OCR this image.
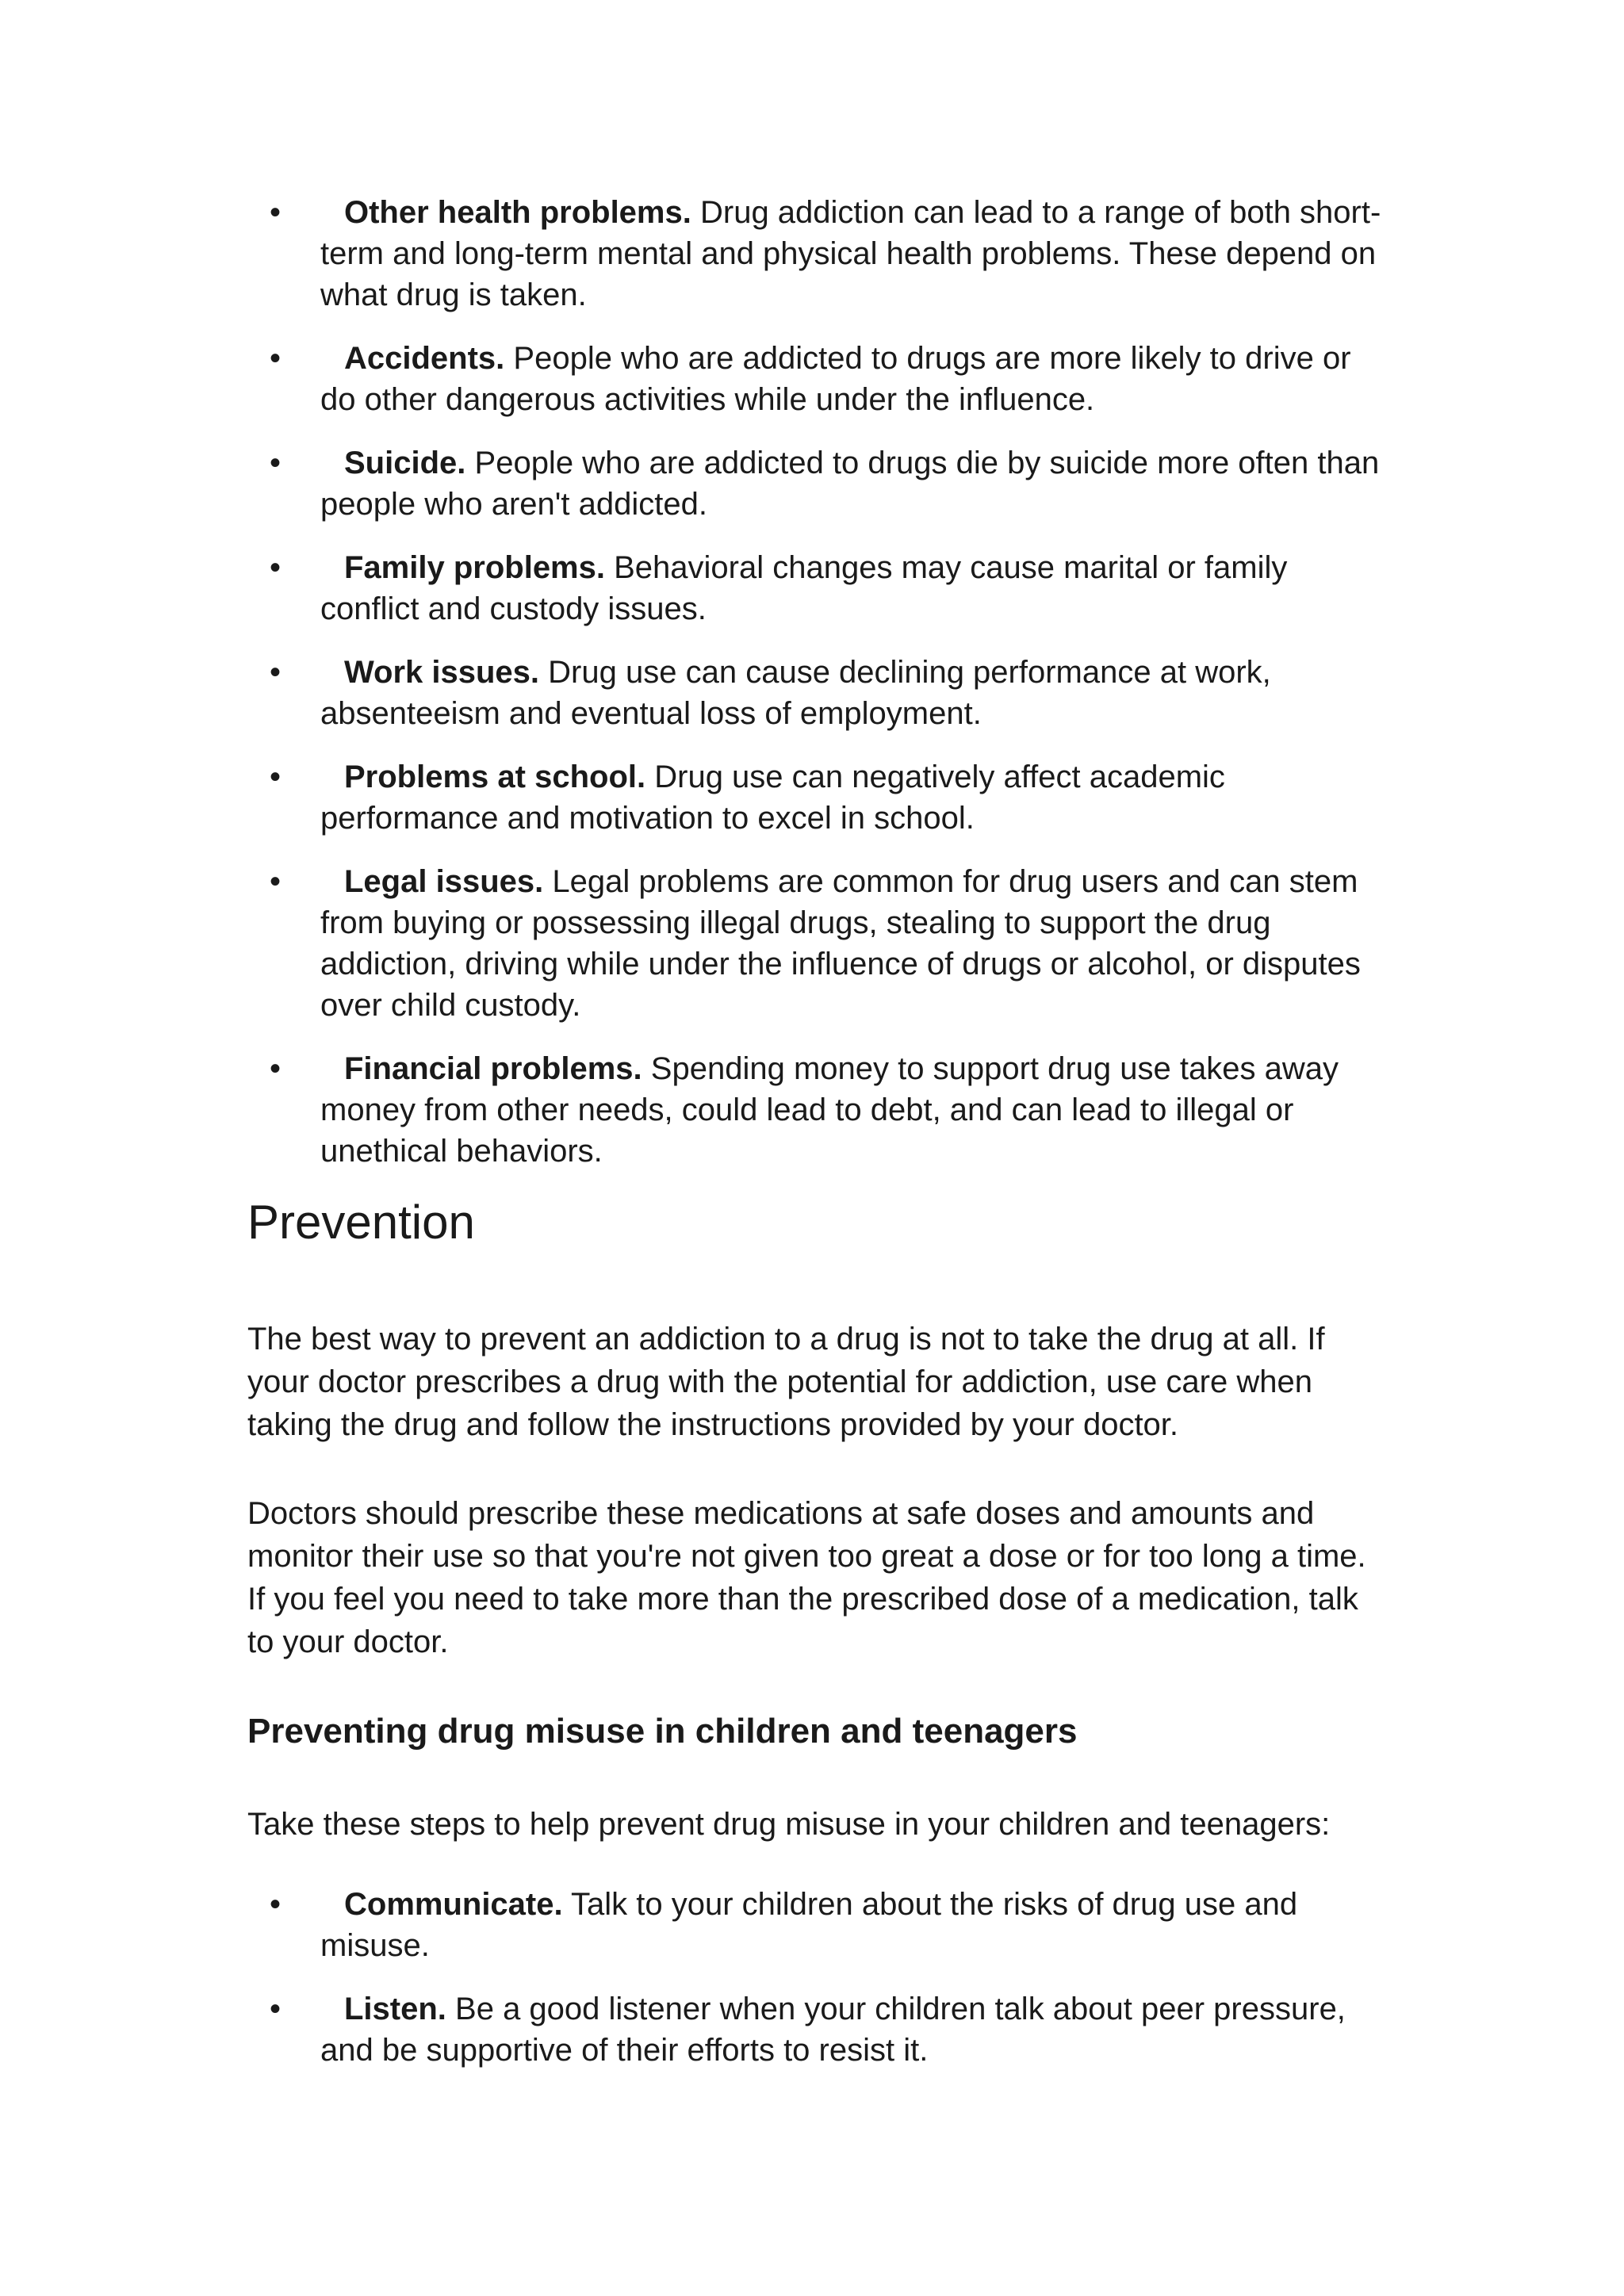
• Other health problems. Drug addiction can lead to a range of both short-term and long-term mental and physical health problems. These depend on what drug is taken.
• Accidents. People who are addicted to drugs are more likely to drive or do other dangerous activities while under the influence.
• Suicide. People who are addicted to drugs die by suicide more often than people who aren't addicted.
• Family problems. Behavioral changes may cause marital or family conflict and custody issues.
• Work issues. Drug use can cause declining performance at work, absenteeism and eventual loss of employment.
• Problems at school. Drug use can negatively affect academic performance and motivation to excel in school.
• Legal issues. Legal problems are common for drug users and can stem from buying or possessing illegal drugs, stealing to support the drug addiction, driving while under the influence of drugs or alcohol, or disputes over child custody.
• Financial problems. Spending money to support drug use takes away money from other needs, could lead to debt, and can lead to illegal or unethical behaviors.
Prevention

The best way to prevent an addiction to a drug is not to take the drug at all. If your doctor prescribes a drug with the potential for addiction, use care when taking the drug and follow the instructions provided by your doctor.

Doctors should prescribe these medications at safe doses and amounts and monitor their use so that you're not given too great a dose or for too long a time. If you feel you need to take more than the prescribed dose of a medication, talk to your doctor.

Preventing drug misuse in children and teenagers

Take these steps to help prevent drug misuse in your children and teenagers:

• Communicate. Talk to your children about the risks of drug use and misuse.
• Listen. Be a good listener when your children talk about peer pressure, and be supportive of their efforts to resist it.
